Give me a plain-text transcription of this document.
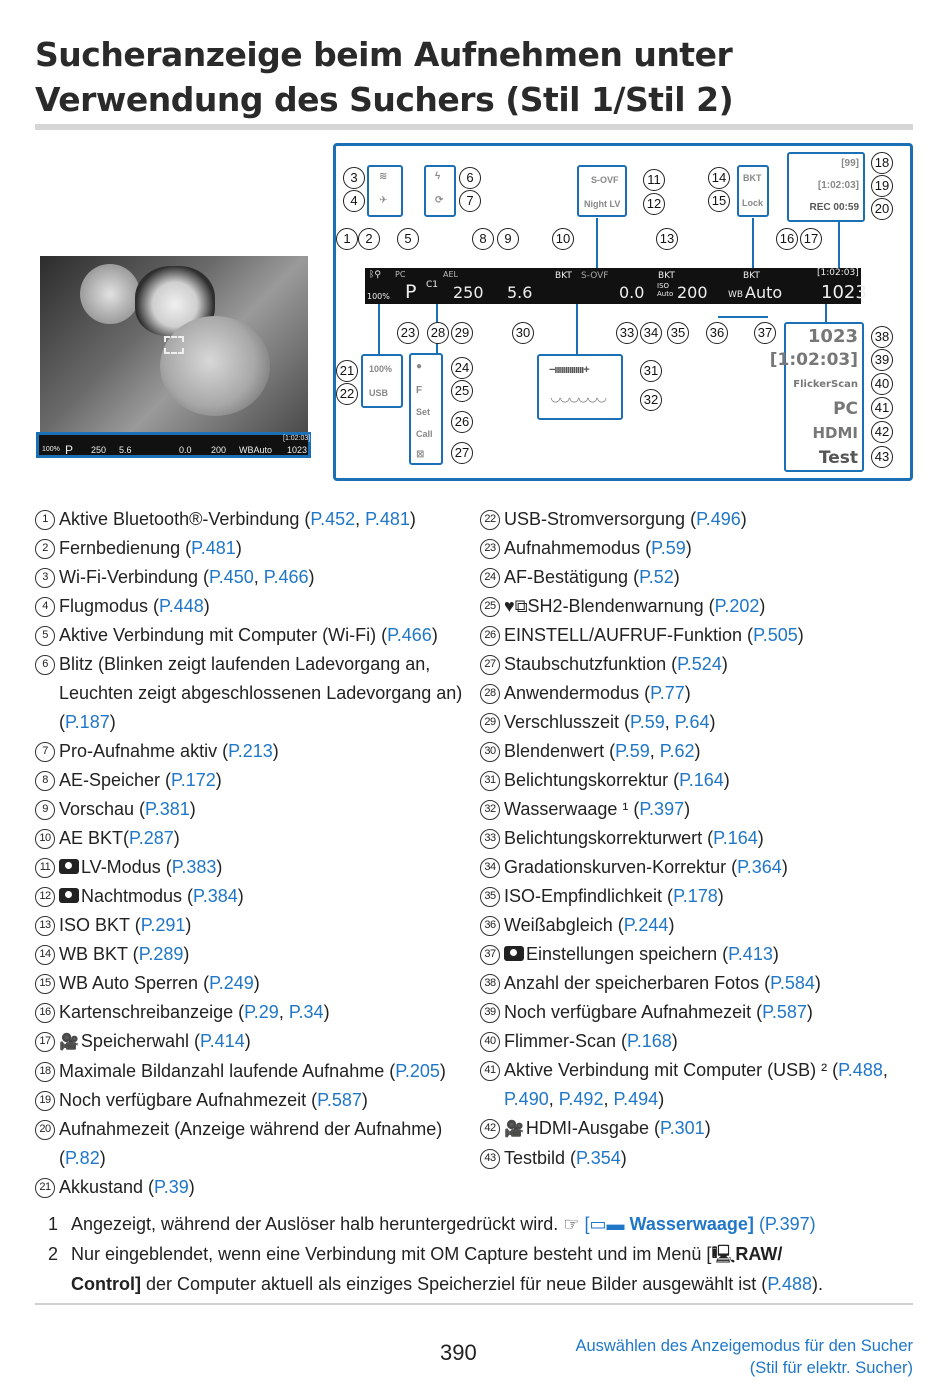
Sucheranzeige beim Aufnehmen unter
Verwendung des Suchers (Stil 1/Stil 2)
100% P 250 5.6	0.0 200 WBAuto 1023
[1:02:03]
≋
✈
ϟ
⟳
S-OVF
Night LV
BKT
Lock
[99]
[1:02:03]
REC 00:59
3
4
6
7
11
12
14
15
18
19
20
1	2	5	8	9	10	13	16 17
ᛒ⚲ PC	AEL	BKT S-OVF	BKT	BKT	[1:02:03]
100% P C1 250 5.6	0.0 ISO Auto 200 WB Auto 1023
23 28 29	30	33 34 35 36	37
100%
USB
21
22
●
F
Set
Call
⊠
24
25
26
27
−ıııııııııııııı+
◡◡◡◡◡◡
31
32
1023
[1:02:03]
FlickerScan
PC
HDMI
Test
38
39
40
41
42
43
1 Aktive Bluetooth®-Verbindung (P.452, P.481)
2 Fernbedienung (P.481)
3 Wi-Fi-Verbindung (P.450, P.466)
4 Flugmodus (P.448)
5 Aktive Verbindung mit Computer (Wi-Fi) (P.466)
6 Blitz (Blinken zeigt laufenden Ladevorgang an, Leuchten zeigt abgeschlossenen Ladevorgang an) (P.187)
7 Pro-Aufnahme aktiv (P.213)
8 AE-Speicher (P.172)
9 Vorschau (P.381)
10 AE BKT(P.287)
11 LV-Modus (P.383)
12 Nachtmodus (P.384)
13 ISO BKT (P.291)
14 WB BKT (P.289)
15 WB Auto Sperren (P.249)
16 Kartenschreibanzeige (P.29, P.34)
17 🎥 Speicherwahl (P.414)
18 Maximale Bildanzahl laufende Aufnahme (P.205)
19 Noch verfügbare Aufnahmezeit (P.587)
20 Aufnahmezeit (Anzeige während der Aufnahme) (P.82)
21 Akkustand (P.39)
22 USB-Stromversorgung (P.496)
23 Aufnahmemodus (P.59)
24 AF-Bestätigung (P.52)
25 ♥⧉SH2-Blendenwarnung (P.202)
26 EINSTELL/AUFRUF-Funktion (P.505)
27 Staubschutzfunktion (P.524)
28 Anwendermodus (P.77)
29 Verschlusszeit (P.59, P.64)
30 Blendenwert (P.59, P.62)
31 Belichtungskorrektur (P.164)
32 Wasserwaage ¹ (P.397)
33 Belichtungskorrekturwert (P.164)
34 Gradationskurven-Korrektur (P.364)
35 ISO-Empfindlichkeit (P.178)
36 Weißabgleich (P.244)
37 Einstellungen speichern (P.413)
38 Anzahl der speicherbaren Fotos (P.584)
39 Noch verfügbare Aufnahmezeit (P.587)
40 Flimmer-Scan (P.168)
41 Aktive Verbindung mit Computer (USB) ² (P.488, P.490, P.492, P.494)
42 🎥 HDMI-Ausgabe (P.301)
43 Testbild (P.354)
1 Angezeigt, während der Auslöser halb heruntergedrückt wird. ☞ [▭▬ Wasserwaage] (P.397)
2 Nur eingeblendet, wenn eine Verbindung mit OM Capture besteht und im Menü [🖳RAW/
Control] der Computer aktuell als einziges Speicherziel für neue Bilder ausgewählt ist (P.488).
390	Auswählen des Anzeigemodus für den Sucher
(Stil für elektr. Sucher)
